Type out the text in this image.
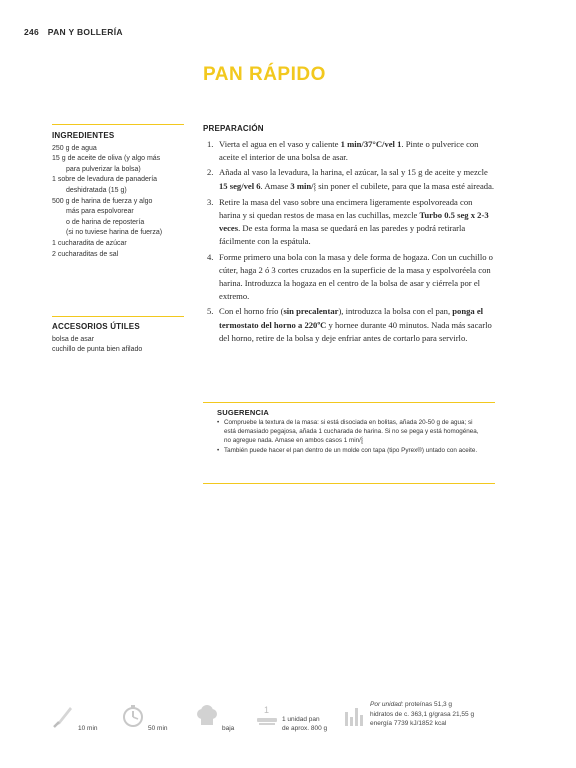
246 PAN Y BOLLERÍA
PAN RÁPIDO
INGREDIENTES
250 g de agua
15 g de aceite de oliva (y algo más
para pulverizar la bolsa)
1 sobre de levadura de panadería
deshidratada (15 g)
500 g de harina de fuerza y algo
más para espolvorear
o de harina de repostería
(si no tuviese harina de fuerza)
1 cucharadita de azúcar
2 cucharaditas de sal
ACCESORIOS ÚTILES
bolsa de asar
cuchillo de punta bien afilado
PREPARACIÓN
1. Vierta el agua en el vaso y caliente 1 min/37°C/vel 1. Pinte o pulverice con aceite el interior de una bolsa de asar.
2. Añada al vaso la levadura, la harina, el azúcar, la sal y 15 g de aceite y mezcle 15 seg/vel 6. Amase 3 min/⸾ sin poner el cubilete, para que la masa esté aireada.
3. Retire la masa del vaso sobre una encimera ligeramente espolvoreada con harina y si quedan restos de masa en las cuchillas, mezcle Turbo 0.5 seg x 2-3 veces. De esta forma la masa se quedará en las paredes y podrá retirarla fácilmente con la espátula.
4. Forme primero una bola con la masa y dele forma de hogaza. Con un cuchillo o cúter, haga 2 ó 3 cortes cruzados en la superficie de la masa y espolvoréela con harina. Introduzca la hogaza en el centro de la bolsa de asar y ciérrela por el extremo.
5. Con el horno frío (sin precalentar), introduzca la bolsa con el pan, ponga el termostato del horno a 220ºC y hornee durante 40 minutos. Nada más sacarlo del horno, retire de la bolsa y deje enfriar antes de cortarlo para servirlo.
SUGERENCIA
• Compruebe la textura de la masa: si está disociada en bolitas, añada 20-50 g de agua; si está demasiado pegajosa, añada 1 cucharada de harina. Si no se pega y está homogénea, no agregue nada. Amase en ambos casos 1 min/⸾
• También puede hacer el pan dentro de un molde con tapa (tipo Pyrex®) untado con aceite.
10 min	50 min	baja
1
1 unidad pan
de aprox. 800 g
Por unidad: proteínas 51,3 g
hidratos de c. 363,1 g/grasa 21,55 g
energía 7739 kJ/1852 kcal
